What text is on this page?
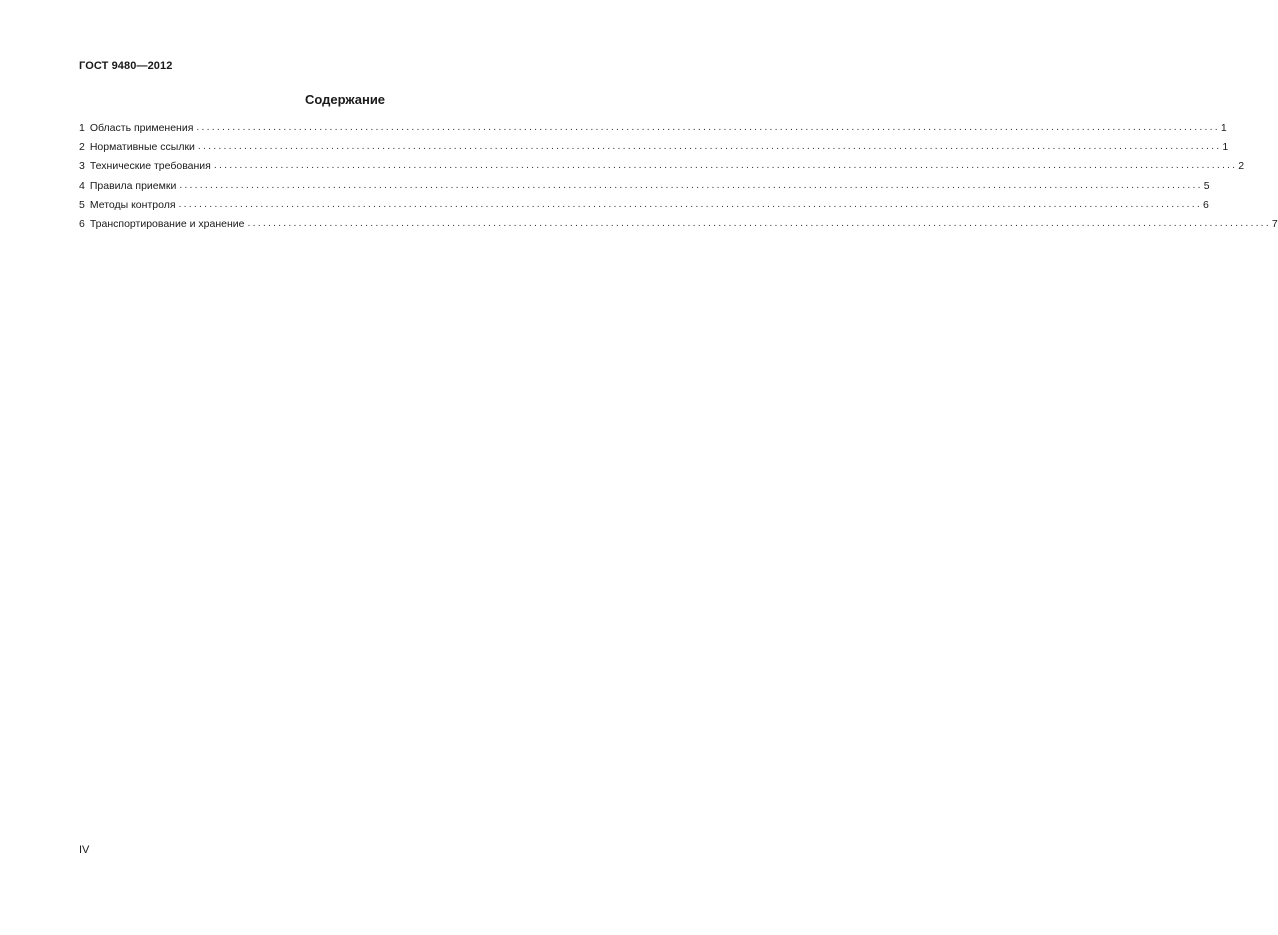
ГОСТ 9480—2012
Содержание
1 Область применения ........................................................................................................................................................................................................ 1
2 Нормативные ссылки ........................................................................................................................................................................................................ 1
3 Технические требования ........................................................................................................................................................................................................ 2
4 Правила приемки ........................................................................................................................................................................................................ 5
5 Методы контроля ........................................................................................................................................................................................................ 6
6 Транспортирование и хранение ........................................................................................................................................................................................................ 7
IV
